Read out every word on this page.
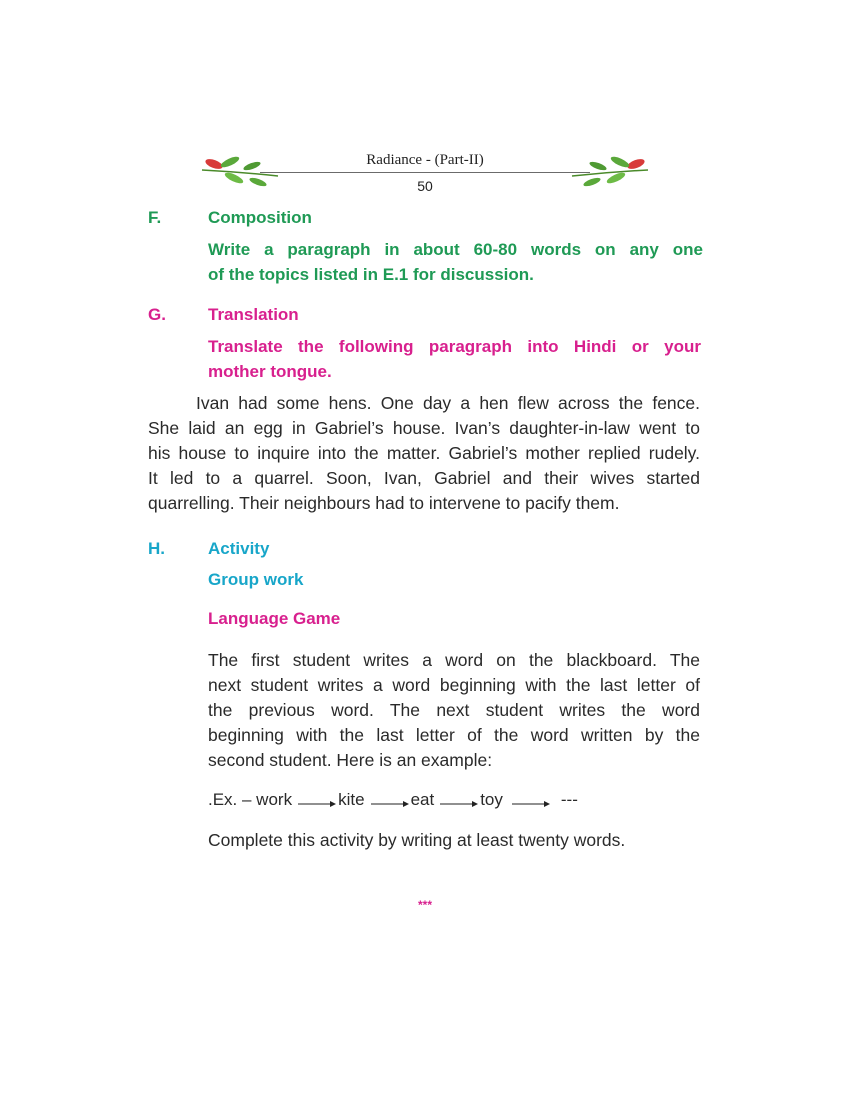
Radiance - (Part-II)
50
F.	Composition
Write a paragraph in about 60-80 words on any one
of the topics listed in E.1 for discussion.
G. Translation
Translate the following paragraph into Hindi or your
mother tongue.
Ivan had some hens. One day a hen flew across the fence.
She laid an egg in Gabriel’s house. Ivan’s daughter-in-law went to
his house to inquire into the matter. Gabriel’s mother replied rudely.
It led to a quarrel. Soon, Ivan, Gabriel and their wives started
quarrelling. Their neighbours had to intervene to pacify them.
H.	Activity
Group work
Language Game
The first student writes a word on the blackboard. The
next student writes a word beginning with the last letter of
the previous word. The next student writes the word
beginning with the last letter of the word written by the
second student. Here is an example:
.Ex. – work	kite	eat	toy	---
Complete this activity by writing at least twenty words.
***
